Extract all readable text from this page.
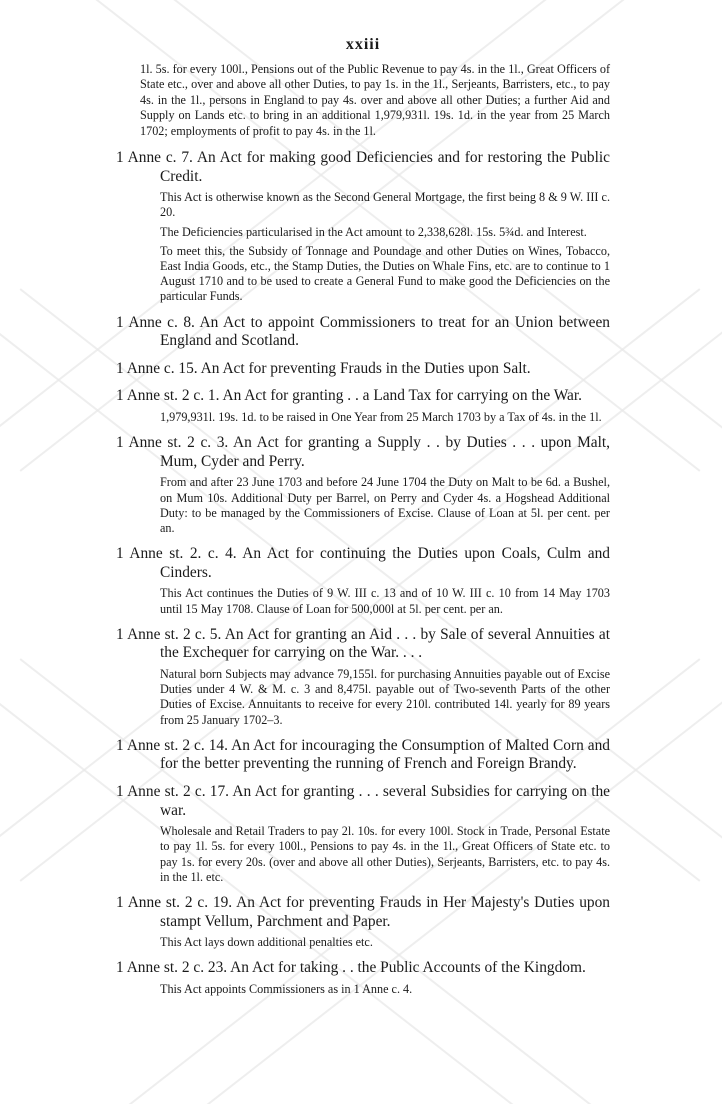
xxiii
1l. 5s. for every 100l., Pensions out of the Public Revenue to pay 4s. in the 1l., Great Officers of State etc., over and above all other Duties, to pay 1s. in the 1l., Serjeants, Barristers, etc., to pay 4s. in the 1l., persons in England to pay 4s. over and above all other Duties; a further Aid and Supply on Lands etc. to bring in an additional 1,979,931l. 19s. 1d. in the year from 25 March 1702; employments of profit to pay 4s. in the 1l.
1 Anne c. 7. An Act for making good Deficiencies and for restoring the Public Credit.
This Act is otherwise known as the Second General Mortgage, the first being 8 & 9 W. III c. 20.
The Deficiencies particularised in the Act amount to 2,338,628l. 15s. 5¾d. and Interest.
To meet this, the Subsidy of Tonnage and Poundage and other Duties on Wines, Tobacco, East India Goods, etc., the Stamp Duties, the Duties on Whale Fins, etc. are to continue to 1 August 1710 and to be used to create a General Fund to make good the Deficiencies on the particular Funds.
1 Anne c. 8. An Act to appoint Commissioners to treat for an Union between England and Scotland.
1 Anne c. 15. An Act for preventing Frauds in the Duties upon Salt.
1 Anne st. 2 c. 1. An Act for granting . . a Land Tax for carrying on the War.
1,979,931l. 19s. 1d. to be raised in One Year from 25 March 1703 by a Tax of 4s. in the 1l.
1 Anne st. 2 c. 3. An Act for granting a Supply . . by Duties . . . upon Malt, Mum, Cyder and Perry.
From and after 23 June 1703 and before 24 June 1704 the Duty on Malt to be 6d. a Bushel, on Mum 10s. Additional Duty per Barrel, on Perry and Cyder 4s. a Hogshead Additional Duty: to be managed by the Commissioners of Excise. Clause of Loan at 5l. per cent. per an.
1 Anne st. 2. c. 4. An Act for continuing the Duties upon Coals, Culm and Cinders.
This Act continues the Duties of 9 W. III c. 13 and of 10 W. III c. 10 from 14 May 1703 until 15 May 1708. Clause of Loan for 500,000l at 5l. per cent. per an.
1 Anne st. 2 c. 5. An Act for granting an Aid . . . by Sale of several Annuities at the Exchequer for carrying on the War. . . .
Natural born Subjects may advance 79,155l. for purchasing Annuities payable out of Excise Duties under 4 W. & M. c. 3 and 8,475l. payable out of Two-seventh Parts of the other Duties of Excise. Annuitants to receive for every 210l. contributed 14l. yearly for 89 years from 25 January 1702–3.
1 Anne st. 2 c. 14. An Act for incouraging the Consumption of Malted Corn and for the better preventing the running of French and Foreign Brandy.
1 Anne st. 2 c. 17. An Act for granting . . . several Subsidies for carrying on the war.
Wholesale and Retail Traders to pay 2l. 10s. for every 100l. Stock in Trade, Personal Estate to pay 1l. 5s. for every 100l., Pensions to pay 4s. in the 1l., Great Officers of State etc. to pay 1s. for every 20s. (over and above all other Duties), Serjeants, Barristers, etc. to pay 4s. in the 1l. etc.
1 Anne st. 2 c. 19. An Act for preventing Frauds in Her Majesty's Duties upon stampt Vellum, Parchment and Paper.
This Act lays down additional penalties etc.
1 Anne st. 2 c. 23. An Act for taking . . the Public Accounts of the Kingdom.
This Act appoints Commissioners as in 1 Anne c. 4.
